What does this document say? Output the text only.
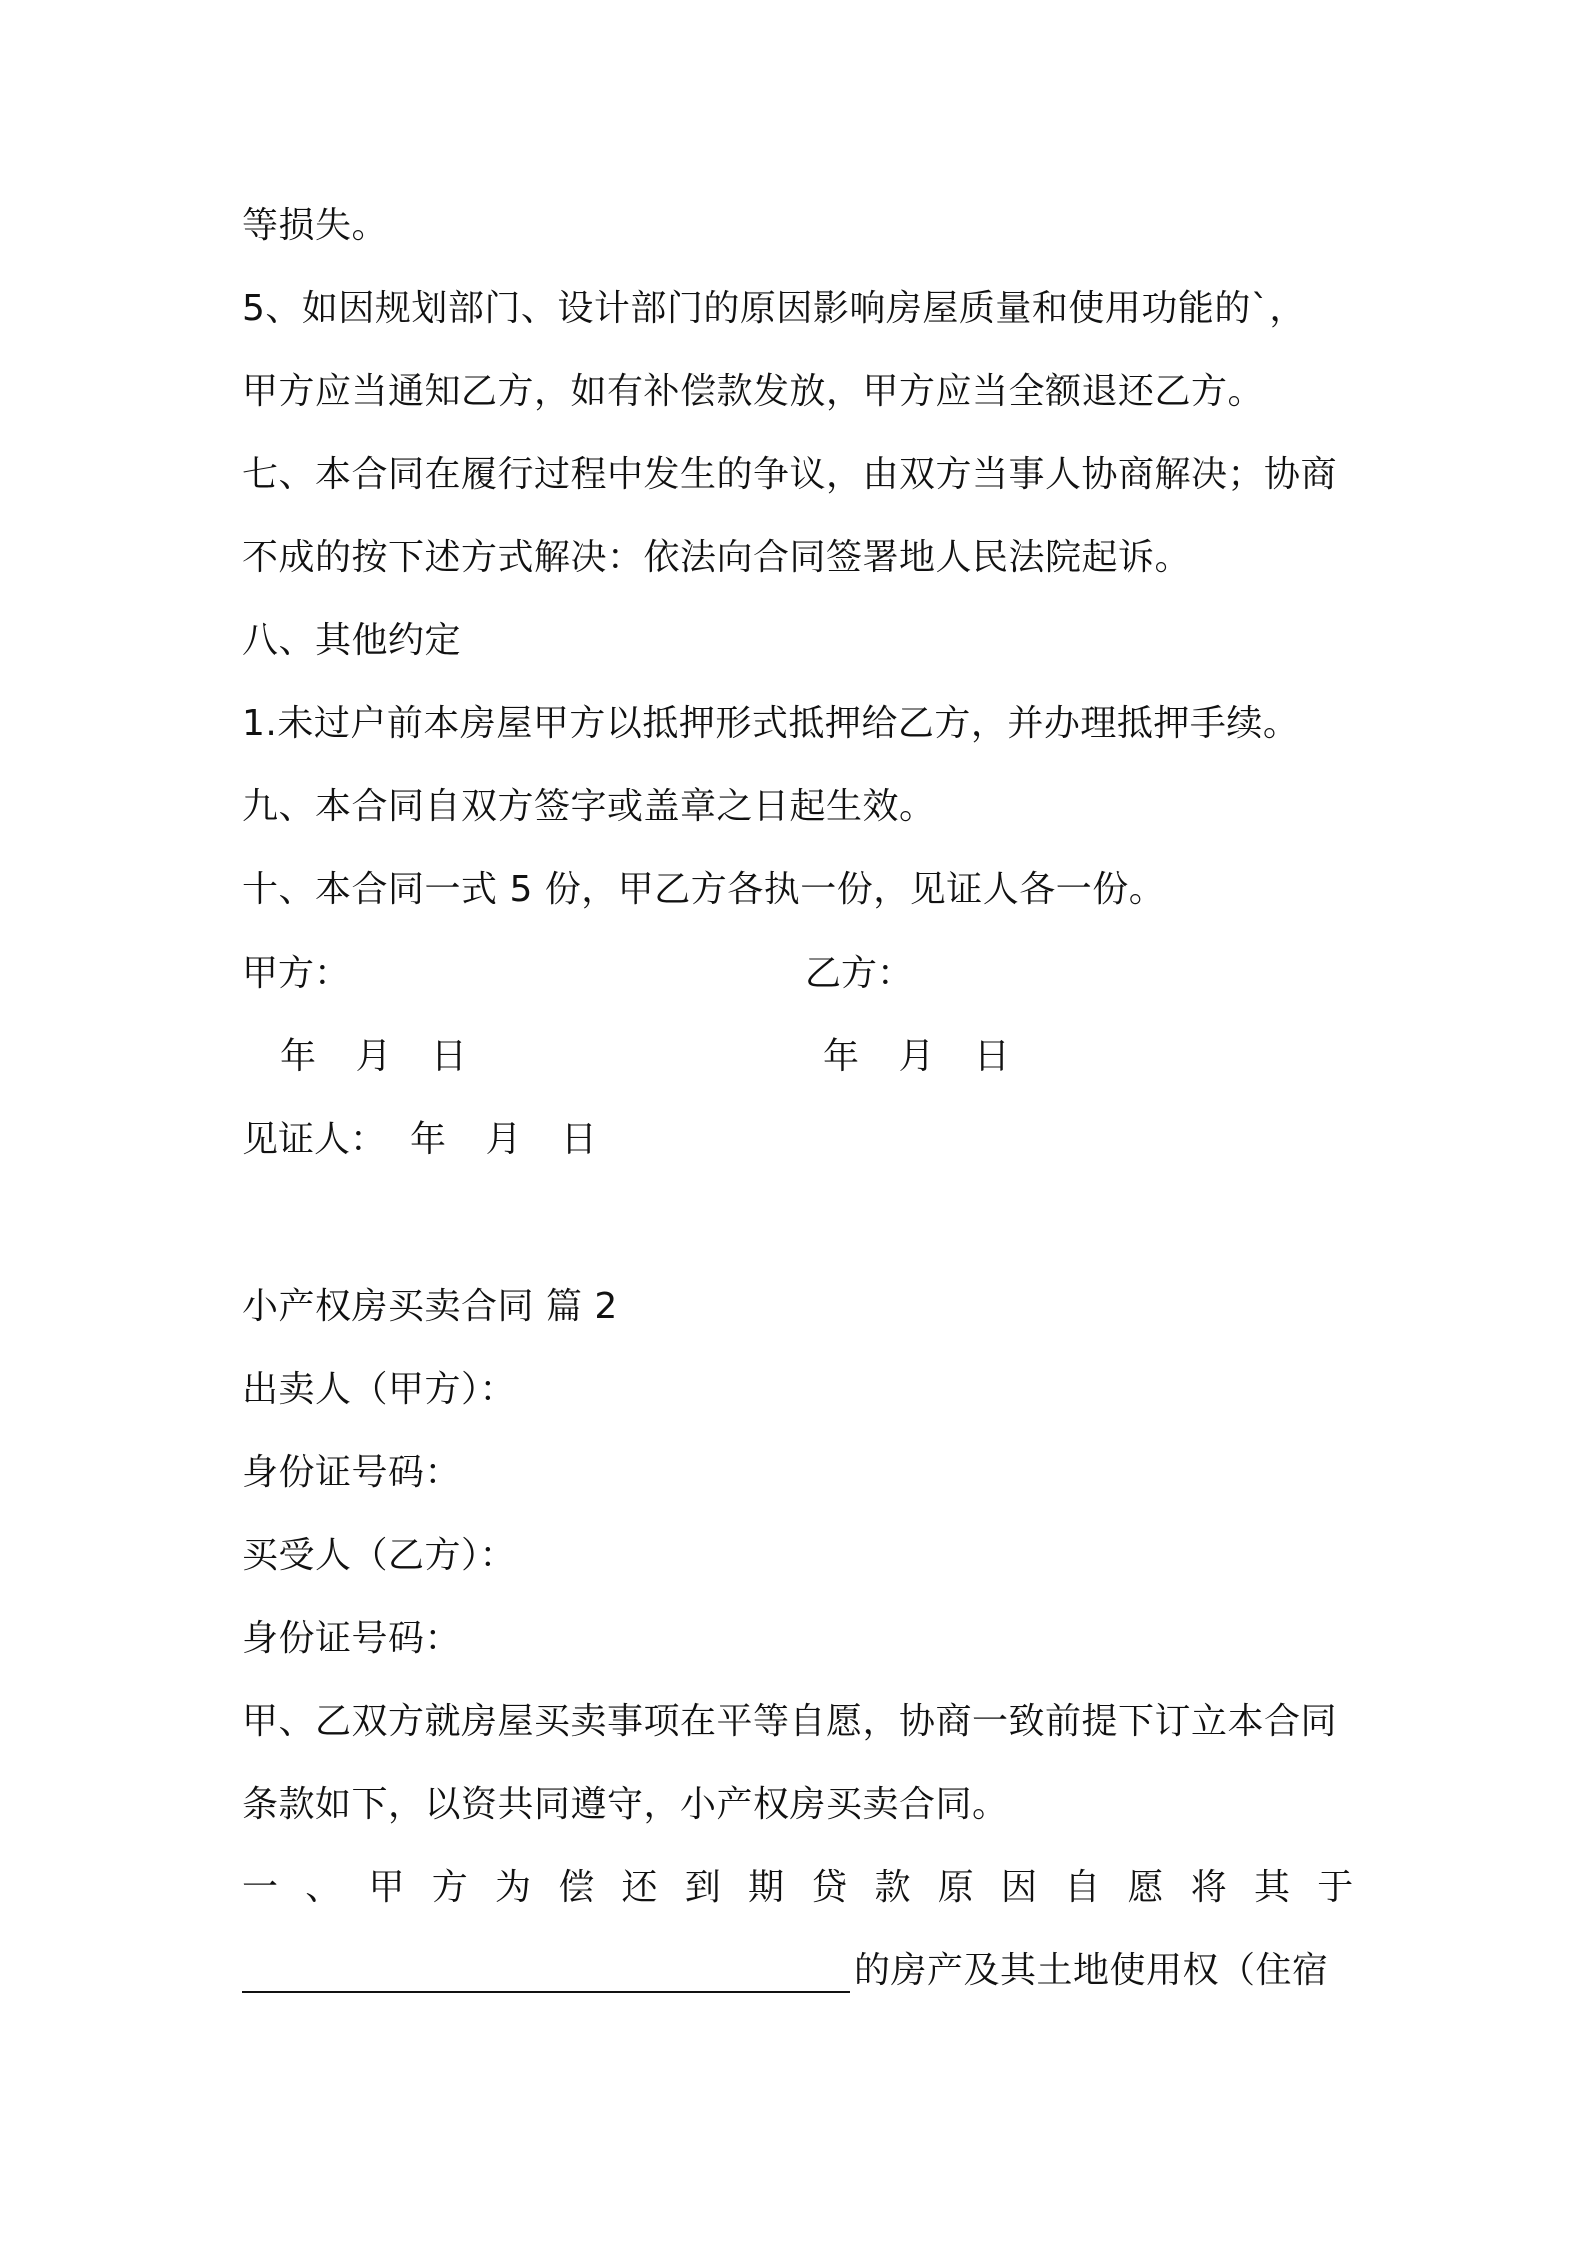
等损失。
5、如因规划部门、设计部门的原因影响房屋质量和使用功能的`，
甲方应当通知乙方，如有补偿款发放，甲方应当全额退还乙方。
七、本合同在履行过程中发生的争议，由双方当事人协商解决；协商
不成的按下述方式解决：依法向合同签署地人民法院起诉。
八、其他约定
1.未过户前本房屋甲方以抵押形式抵押给乙方，并办理抵押手续。
九、本合同自双方签字或盖章之日起生效。
十、本合同一式 5 份，甲乙方各执一份，见证人各一份。
甲方：	乙方：
年 月 日	年 月 日
见证人： 年 月 日
小产权房买卖合同 篇 2
出卖人（甲方）：
身份证号码：
买受人（乙方）：
身份证号码：
甲、乙双方就房屋买卖事项在平等自愿，协商一致前提下订立本合同
条款如下，以资共同遵守，小产权房买卖合同。
一 、 甲 方 为 偿 还 到 期 贷 款 原 因 自 愿 将 其 于
的房产及其土地使用权（住宿
